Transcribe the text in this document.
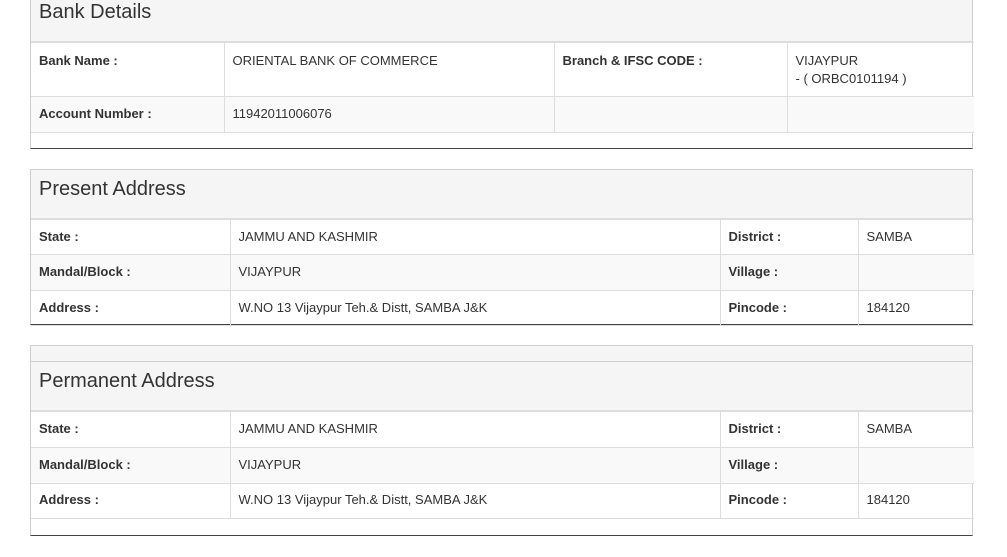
Bank Details
Bank Name :	ORIENTAL BANK OF COMMERCE	Branch & IFSC CODE :	VIJAYPUR
- ( ORBC0101194 )

Account Number :	11942011006076		
Present Address
State :	JAMMU AND KASHMIR	District :	SAMBA
Mandal/Block :	VIJAYPUR	Village :	
Address :	W.NO 13 Vijaypur Teh.& Distt, SAMBA J&K	Pincode :	184120
Permanent Address
State :	JAMMU AND KASHMIR	District :	SAMBA
Mandal/Block :	VIJAYPUR	Village :	
Address :	W.NO 13 Vijaypur Teh.& Distt, SAMBA J&K	Pincode :	184120
